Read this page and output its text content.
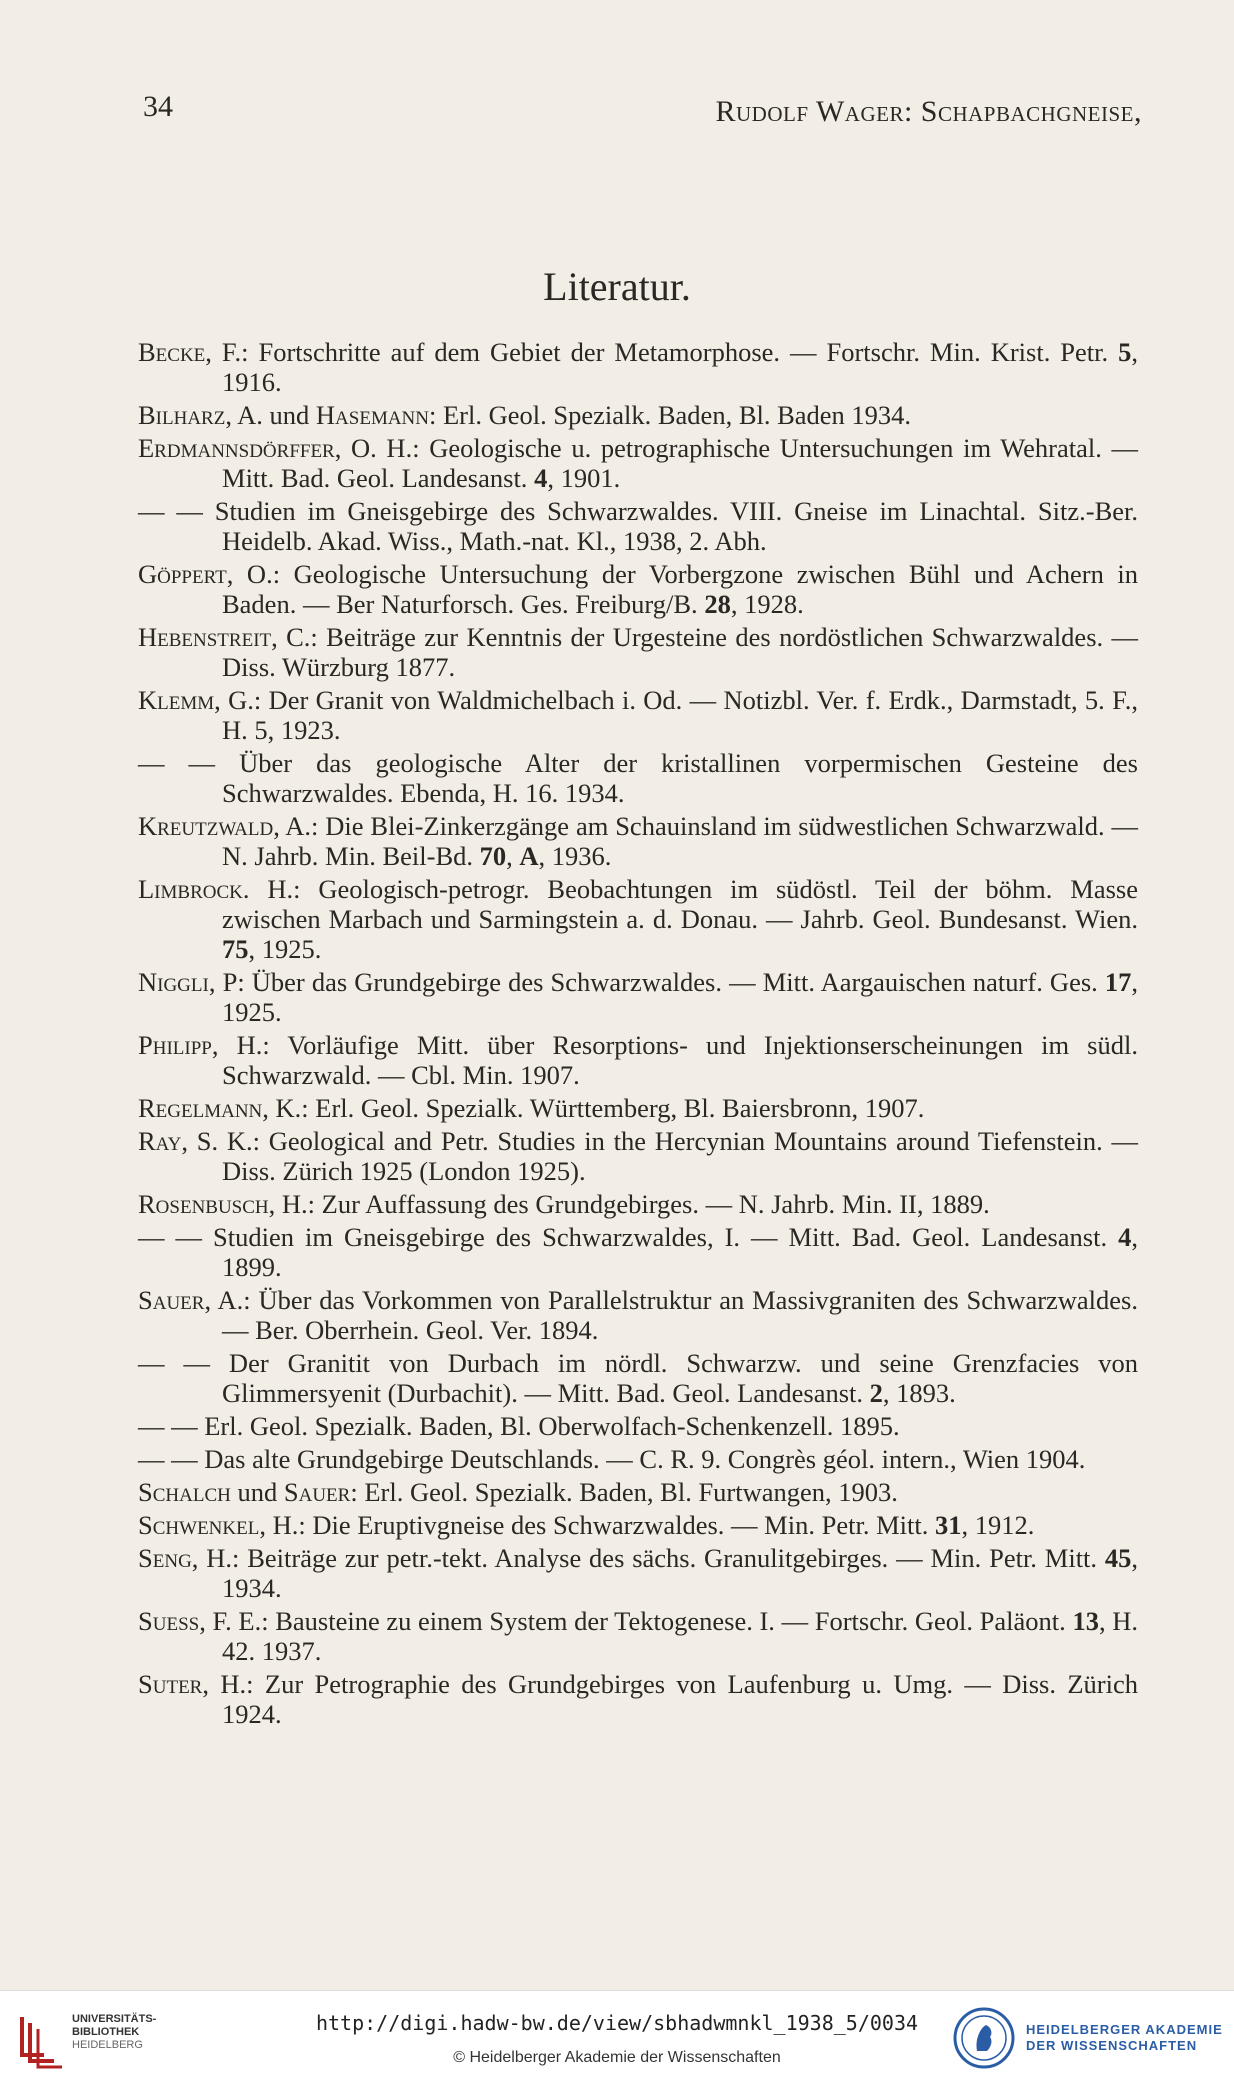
34	Rudolf Wager: Schapbachgneise,
Literatur.

Becke, F.: Fortschritte auf dem Gebiet der Metamorphose. — Fortschr. Min. Krist. Petr. 5, 1916.

Bilharz, A. und Hasemann: Erl. Geol. Spezialk. Baden, Bl. Baden 1934.

Erdmannsdörffer, O. H.: Geologische u. petrographische Untersuchungen im Wehratal. — Mitt. Bad. Geol. Landesanst. 4, 1901.

— — Studien im Gneisgebirge des Schwarzwaldes. VIII. Gneise im Linachtal. Sitz.-Ber. Heidelb. Akad. Wiss., Math.-nat. Kl., 1938, 2. Abh.

Göppert, O.: Geologische Untersuchung der Vorbergzone zwischen Bühl und Achern in Baden. — Ber Naturforsch. Ges. Freiburg/B. 28, 1928.

Hebenstreit, C.: Beiträge zur Kenntnis der Urgesteine des nordöstlichen Schwarzwaldes. — Diss. Würzburg 1877.

Klemm, G.: Der Granit von Waldmichelbach i. Od. — Notizbl. Ver. f. Erdk., Darmstadt, 5. F., H. 5, 1923.

— — Über das geologische Alter der kristallinen vorpermischen Gesteine des Schwarzwaldes. Ebenda, H. 16. 1934.

Kreutzwald, A.: Die Blei-Zinkerzgänge am Schauinsland im südwestlichen Schwarzwald. — N. Jahrb. Min. Beil-Bd. 70, A, 1936.

Limbrock. H.: Geologisch-petrogr. Beobachtungen im südöstl. Teil der böhm. Masse zwischen Marbach und Sarmingstein a. d. Donau. — Jahrb. Geol. Bundesanst. Wien. 75, 1925.

Niggli, P: Über das Grundgebirge des Schwarzwaldes. — Mitt. Aargauischen naturf. Ges. 17, 1925.

Philipp, H.: Vorläufige Mitt. über Resorptions- und Injektionserscheinungen im südl. Schwarzwald. — Cbl. Min. 1907.

Regelmann, K.: Erl. Geol. Spezialk. Württemberg, Bl. Baiersbronn, 1907.

Ray, S. K.: Geological and Petr. Studies in the Hercynian Mountains around Tiefenstein. — Diss. Zürich 1925 (London 1925).

Rosenbusch, H.: Zur Auffassung des Grundgebirges. — N. Jahrb. Min. II, 1889.

— — Studien im Gneisgebirge des Schwarzwaldes, I. — Mitt. Bad. Geol. Landesanst. 4, 1899.

Sauer, A.: Über das Vorkommen von Parallelstruktur an Massivgraniten des Schwarzwaldes. — Ber. Oberrhein. Geol. Ver. 1894.

— — Der Granitit von Durbach im nördl. Schwarzw. und seine Grenzfacies von Glimmersyenit (Durbachit). — Mitt. Bad. Geol. Landesanst. 2, 1893.

— — Erl. Geol. Spezialk. Baden, Bl. Oberwolfach-Schenkenzell. 1895.

— — Das alte Grundgebirge Deutschlands. — C. R. 9. Congrès géol. intern., Wien 1904.

Schalch und Sauer: Erl. Geol. Spezialk. Baden, Bl. Furtwangen, 1903.

Schwenkel, H.: Die Eruptivgneise des Schwarzwaldes. — Min. Petr. Mitt. 31, 1912.

Seng, H.: Beiträge zur petr.-tekt. Analyse des sächs. Granulitgebirges. — Min. Petr. Mitt. 45, 1934.

Suess, F. E.: Bausteine zu einem System der Tektogenese. I. — Fortschr. Geol. Paläont. 13, H. 42. 1937.

Suter, H.: Zur Petrographie des Grundgebirges von Laufenburg u. Umg. — Diss. Zürich 1924.

UNIVERSITÄTS-
BIBLIOTHEK
HEIDELBERG
http://digi.hadw-bw.de/view/sbhadwmnkl_1938_5/0034
© Heidelberger Akademie der Wissenschaften
HEIDELBERGER AKADEMIE
DER WISSENSCHAFTEN
